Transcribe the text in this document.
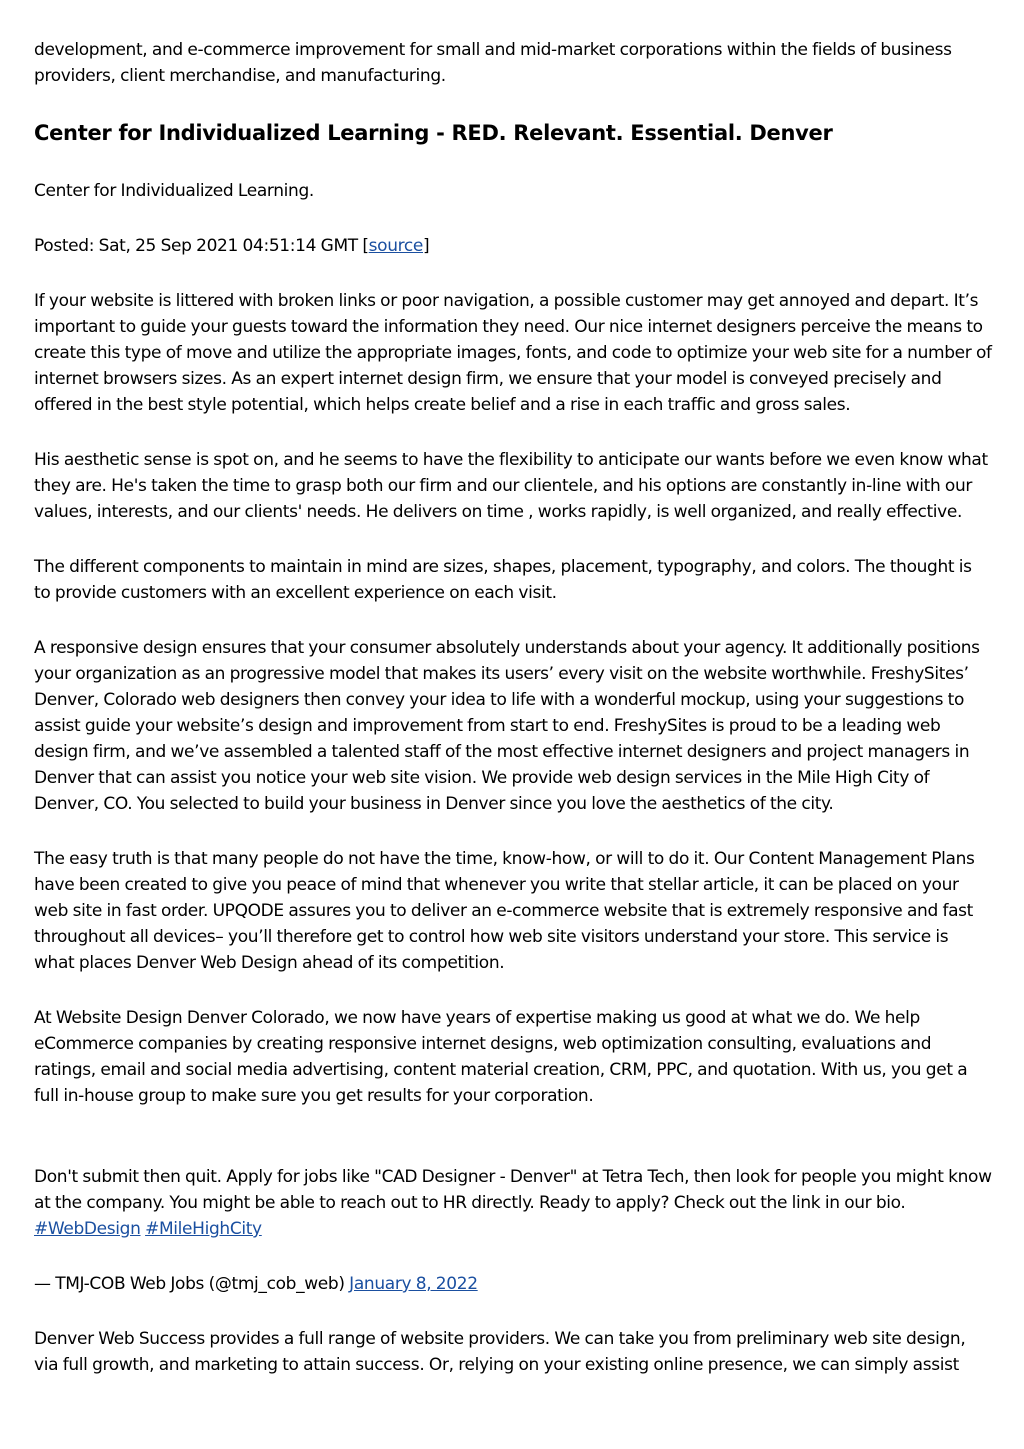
development, and e-commerce improvement for small and mid-market corporations within the fields of business providers, client merchandise, and manufacturing.

Center for Individualized Learning - RED. Relevant. Essential. Denver

Center for Individualized Learning.

Posted: Sat, 25 Sep 2021 04:51:14 GMT [source]

If your website is littered with broken links or poor navigation, a possible customer may get annoyed and depart. It’s important to guide your guests toward the information they need. Our nice internet designers perceive the means to create this type of move and utilize the appropriate images, fonts, and code to optimize your web site for a number of internet browsers sizes. As an expert internet design firm, we ensure that your model is conveyed precisely and offered in the best style potential, which helps create belief and a rise in each traffic and gross sales.

His aesthetic sense is spot on, and he seems to have the flexibility to anticipate our wants before we even know what they are. He's taken the time to grasp both our firm and our clientele, and his options are constantly in-line with our values, interests, and our clients' needs. He delivers on time , works rapidly, is well organized, and really effective.

The different components to maintain in mind are sizes, shapes, placement, typography, and colors. The thought is to provide customers with an excellent experience on each visit.

A responsive design ensures that your consumer absolutely understands about your agency. It additionally positions your organization as an progressive model that makes its users’ every visit on the website worthwhile. FreshySites’ Denver, Colorado web designers then convey your idea to life with a wonderful mockup, using your suggestions to assist guide your website’s design and improvement from start to end. FreshySites is proud to be a leading web design firm, and we’ve assembled a talented staff of the most effective internet designers and project managers in Denver that can assist you notice your web site vision. We provide web design services in the Mile High City of Denver, CO. You selected to build your business in Denver since you love the aesthetics of the city.

The easy truth is that many people do not have the time, know-how, or will to do it. Our Content Management Plans have been created to give you peace of mind that whenever you write that stellar article, it can be placed on your web site in fast order. UPQODE assures you to deliver an e-commerce website that is extremely responsive and fast throughout all devices– you’ll therefore get to control how web site visitors understand your store. This service is what places Denver Web Design ahead of its competition.

At Website Design Denver Colorado, we now have years of expertise making us good at what we do. We help eCommerce companies by creating responsive internet designs, web optimization consulting, evaluations and ratings, email and social media advertising, content material creation, CRM, PPC, and quotation. With us, you get a full in-house group to make sure you get results for your corporation.

Don't submit then quit. Apply for jobs like "CAD Designer - Denver" at Tetra Tech, then look for people you might know at the company. You might be able to reach out to HR directly. Ready to apply? Check out the link in our bio. #WebDesign #MileHighCity

— TMJ-COB Web Jobs (@tmj_cob_web) January 8, 2022

Denver Web Success provides a full range of website providers. We can take you from preliminary web site design, via full growth, and marketing to attain success. Or, relying on your existing online presence, we can simply assist
